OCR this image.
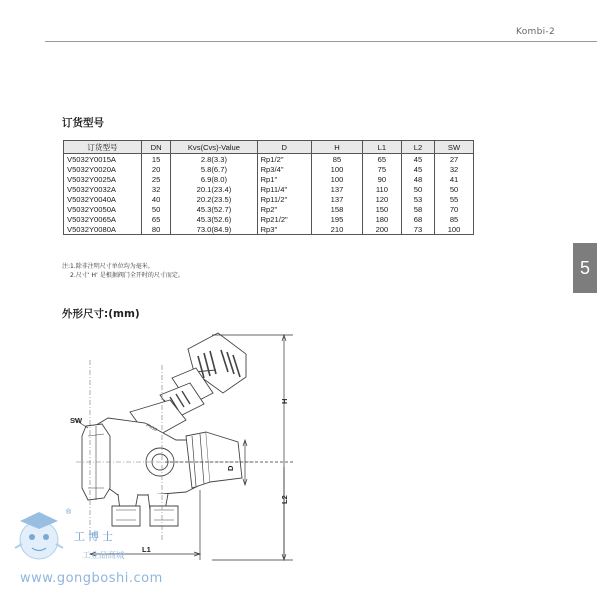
Kombi-2
订货型号
订货型号	DN	Kvs(Cvs)-Value	D	H	L1	L2	SW
V5032Y0015A	15	2.8(3.3)	Rp1/2"	85	65	45	27
V5032Y0020A	20	5.8(6.7)	Rp3/4"	100	75	45	32
V5032Y0025A	25	6.9(8.0)	Rp1"	100	90	48	41
V5032Y0032A	32	20.1(23.4)	Rp11/4"	137	110	50	50
V5032Y0040A	40	20.2(23.5)	Rp11/2"	137	120	53	55
V5032Y0050A	50	45.3(52.7)	Rp2"	158	150	58	70
V5032Y0065A	65	45.3(52.6)	Rp21/2"	195	180	68	85
V5032Y0080A	80	73.0(84.9)	Rp3"	210	200	73	100
注:1.除非注明尺寸单位均为毫米。
2.尺寸‘ H’ 是根据阀门全开时的尺寸而定。
外形尺寸:(mm)
5
SW
H
D
L2
L1
PN16
®
工博士
工业品商城
www.gongboshi.com
